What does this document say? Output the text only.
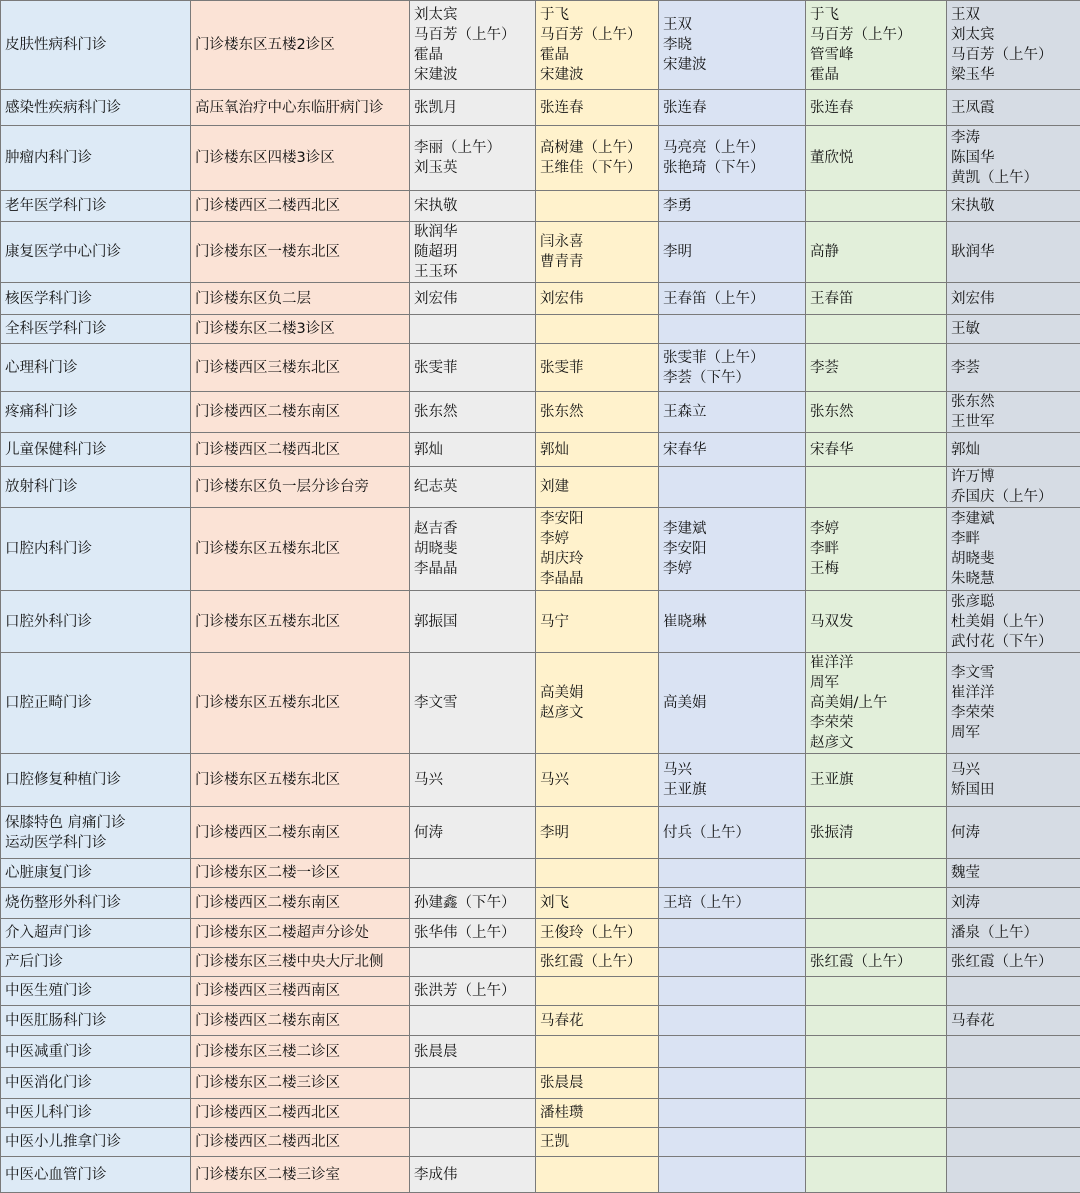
皮肤性病科门诊	门诊楼东区五楼2诊区	刘太宾
马百芳（上午）
霍晶
宋建波	于飞
马百芳（上午）
霍晶
宋建波	王双
李晓
宋建波	于飞
马百芳（上午）
管雪峰
霍晶	王双
刘太宾
马百芳（上午）
梁玉华

感染性疾病科门诊	高压氧治疗中心东临肝病门诊	张凯月	张连春	张连春	张连春	王凤霞

肿瘤内科门诊	门诊楼东区四楼3诊区	李丽（上午）
刘玉英	高树建（上午）
王维佳（下午）	马亮亮（上午）
张艳琦（下午）	董欣悦	李涛
陈国华
黄凯（上午）

老年医学科门诊	门诊楼西区二楼西北区	宋执敬		李勇		宋执敬

康复医学中心门诊	门诊楼东区一楼东北区	耿润华
随超玥
王玉环	闫永喜
曹青青	李明	高静	耿润华

核医学科门诊	门诊楼东区负二层	刘宏伟	刘宏伟	王春笛（上午）	王春笛	刘宏伟

全科医学科门诊	门诊楼东区二楼3诊区					王敏

心理科门诊	门诊楼西区三楼东北区	张雯菲	张雯菲	张雯菲（上午）
李荟（下午）	李荟	李荟

疼痛科门诊	门诊楼西区二楼东南区	张东然	张东然	王森立	张东然	张东然
王世军

儿童保健科门诊	门诊楼西区二楼西北区	郭灿	郭灿	宋春华	宋春华	郭灿

放射科门诊	门诊楼东区负一层分诊台旁	纪志英	刘建			许万博
乔国庆（上午）

口腔内科门诊	门诊楼东区五楼东北区	赵吉香
胡晓斐
李晶晶	李安阳
李婷
胡庆玲
李晶晶	李建斌
李安阳
李婷	李婷
李畔
王梅	李建斌
李畔
胡晓斐
朱晓慧

口腔外科门诊	门诊楼东区五楼东北区	郭振国	马宁	崔晓琳	马双发	张彦聪
杜美娟（上午）
武付花（下午）

口腔正畸门诊	门诊楼东区五楼东北区	李文雪	高美娟
赵彦文	高美娟	崔洋洋
周军
高美娟/上午
李荣荣
赵彦文	李文雪
崔洋洋
李荣荣
周军

口腔修复种植门诊	门诊楼东区五楼东北区	马兴	马兴	马兴
王亚旗	王亚旗	马兴
矫国田

保膝特色 肩痛门诊
运动医学科门诊	门诊楼西区二楼东南区	何涛	李明	付兵（上午）	张振清	何涛

心脏康复门诊	门诊楼东区二楼一诊区					魏莹

烧伤整形外科门诊	门诊楼西区二楼东南区	孙建鑫（下午）	刘飞	王培（上午）		刘涛

介入超声门诊	门诊楼东区二楼超声分诊处	张华伟（上午）	王俊玲（上午）			潘泉（上午）

产后门诊	门诊楼东区三楼中央大厅北侧		张红霞（上午）		张红霞（上午）	张红霞（上午）

中医生殖门诊	门诊楼西区三楼西南区	张洪芳（上午）				

中医肛肠科门诊	门诊楼西区二楼东南区		马春花			马春花

中医减重门诊	门诊楼东区三楼二诊区	张晨晨				

中医消化门诊	门诊楼东区二楼三诊区		张晨晨			

中医儿科门诊	门诊楼西区二楼西北区		潘桂瓒			

中医小儿推拿门诊	门诊楼西区二楼西北区		王凯			

中医心血管门诊	门诊楼东区二楼三诊室	李成伟				
